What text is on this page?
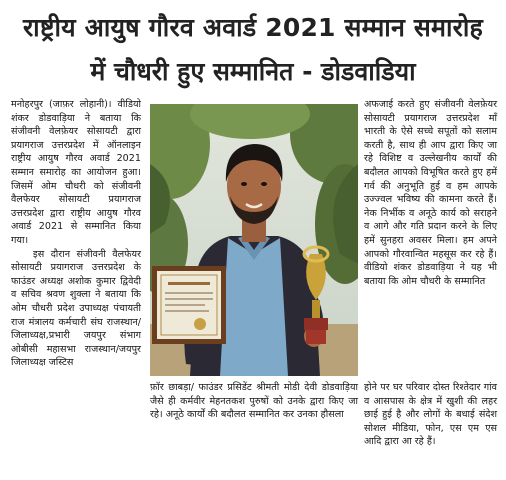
राष्ट्रीय आयुष गौरव अवार्ड 2021 सम्मान समारोह
में चौधरी हुए सम्मानित - डोडवाडिया

मनोहरपुर (जाफ़र लोहानी)। वीडियो शंकर डोडवाड़िया ने बताया कि संजीवनी वेलफ़ेयर सोसायटी द्वारा प्रयागराज उत्तरप्रदेश में ऑनलाइन राष्ट्रीय आयुष गौरव अवार्ड 2021 सम्मान समारोह का आयोजन हुआ। जिसमें ओम चौधरी को संजीवनी वैलफेयर सोसायटी प्रयागराज उत्तरप्रदेश द्वारा राष्ट्रीय आयुष गौरव अवार्ड 2021 से सम्मानित किया गया।

इस दौरान संजीवनी वैलफेयर सोसायटी प्रयागराज उत्तरप्रदेश के फाउंडर अध्यक्ष अशोक कुमार द्विवेदी व सचिव श्रवण शुक्ला ने बताया कि ओम चौधरी प्रदेश उपाध्यक्ष पंचायती राज मंत्रालय कर्मचारी संघ राजस्थान/जिलाध्यक्ष,प्रभारी जयपुर संभाग ओबीसी महासभा राजस्थान/जयपुर जिलाध्यक्ष जस्टिस

फ़ॉर छाबड़ा/ फाउंडर प्रसिडेंट श्रीमती मोडी देवी डोडवाड़िया जैसे ही कर्मवीर मेहनतकश पुरुषों को उनके द्वारा किए जा रहे। अनूठे कार्यों की बदौलत सम्मानित कर उनका हौसला

अफजाई करते हुए संजीवनी वेलफ़ेयर सोसायटी प्रयागराज उत्तरप्रदेश माँ भारती के ऐसे सच्चे सपूतों को सलाम करती है, साथ ही आप द्वारा किए जा रहे विशिष्ट व उल्लेखनीय कार्यों की बदौलत आपको विभूषित करते हुए हमें गर्व की अनुभूति हुई व हम आपके उज्ज्वल भविष्य की कामना करते हैं। नेक निर्भीक व अनूठे कार्य को सराहने व आगे और गति प्रदान करने के लिए हमें सुनहरा अवसर मिला। हम अपने आपको गौरवान्वित महसूस कर रहे हैं। वीडियो शंकर डोडवाड़िया ने यह भी बताया कि ओम चौधरी के सम्मानित

होने पर घर परिवार दोस्त रिश्तेदार गांव व आसपास के क्षेत्र में खुशी की लहर छाई हुई है और लोगों के बधाई संदेश सोशल मीडिया, फोन, एस एम एस आदि द्वारा आ रहे हैं।
